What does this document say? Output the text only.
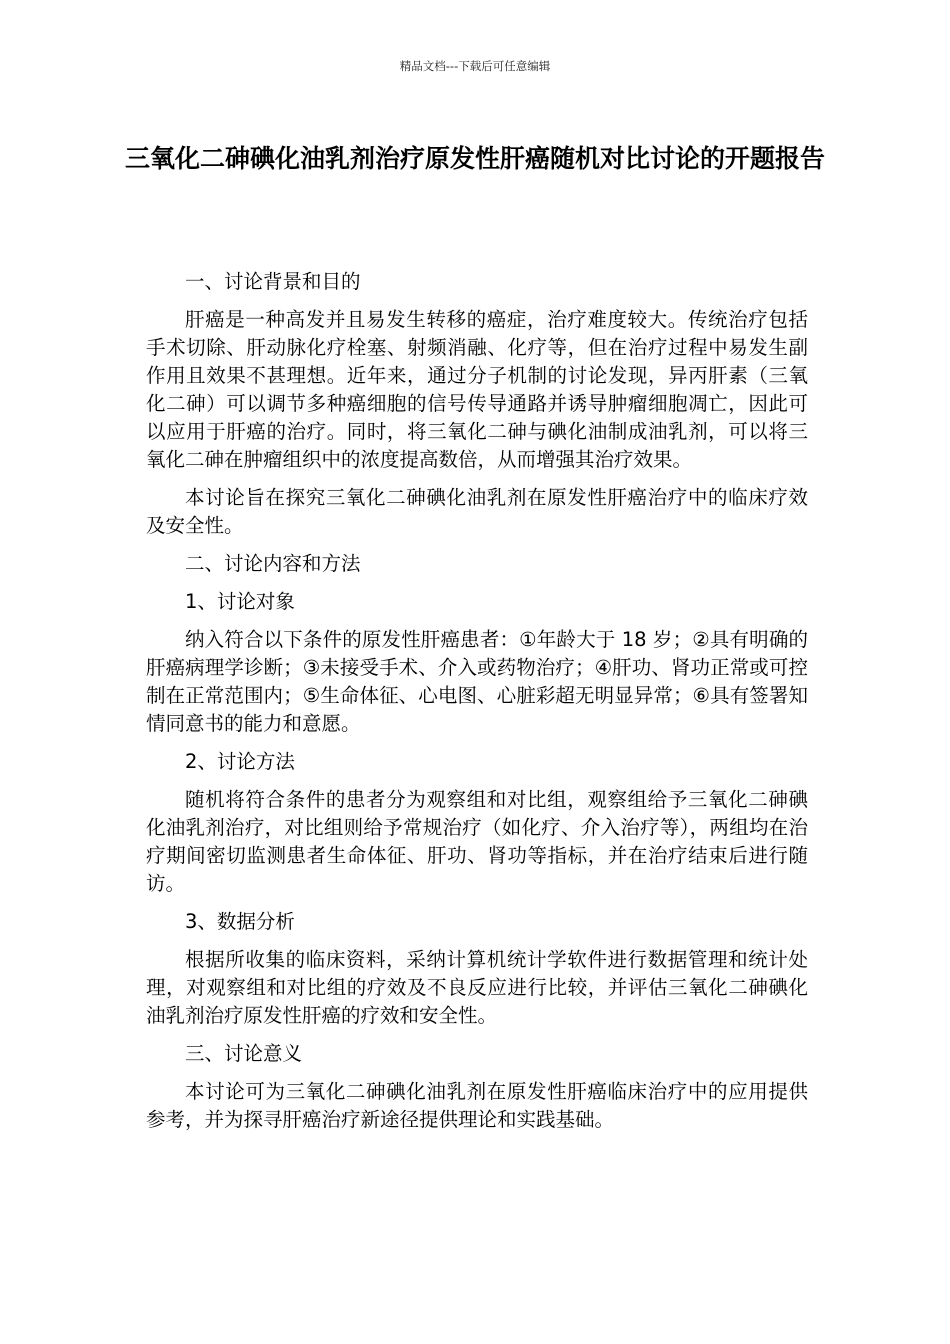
精品文档---下载后可任意编辑
三氧化二砷碘化油乳剂治疗原发性肝癌随机对比讨论的开题报告
一、讨论背景和目的

肝癌是一种高发并且易发生转移的癌症，治疗难度较大。传统治疗包括手术切除、肝动脉化疗栓塞、射频消融、化疗等，但在治疗过程中易发生副作用且效果不甚理想。近年来，通过分子机制的讨论发现，异丙肝素（三氧化二砷）可以调节多种癌细胞的信号传导通路并诱导肿瘤细胞凋亡，因此可以应用于肝癌的治疗。同时，将三氧化二砷与碘化油制成油乳剂，可以将三氧化二砷在肿瘤组织中的浓度提高数倍，从而增强其治疗效果。

本讨论旨在探究三氧化二砷碘化油乳剂在原发性肝癌治疗中的临床疗效及安全性。

二、讨论内容和方法
1、讨论对象

纳入符合以下条件的原发性肝癌患者：①年龄大于 18 岁；②具有明确的肝癌病理学诊断；③未接受手术、介入或药物治疗；④肝功、肾功正常或可控制在正常范围内；⑤生命体征、心电图、心脏彩超无明显异常；⑥具有签署知情同意书的能力和意愿。

2、讨论方法

随机将符合条件的患者分为观察组和对比组，观察组给予三氧化二砷碘化油乳剂治疗，对比组则给予常规治疗（如化疗、介入治疗等），两组均在治疗期间密切监测患者生命体征、肝功、肾功等指标，并在治疗结束后进行随访。

3、数据分析

根据所收集的临床资料，采纳计算机统计学软件进行数据管理和统计处理，对观察组和对比组的疗效及不良反应进行比较，并评估三氧化二砷碘化油乳剂治疗原发性肝癌的疗效和安全性。

三、讨论意义

本讨论可为三氧化二砷碘化油乳剂在原发性肝癌临床治疗中的应用提供参考，并为探寻肝癌治疗新途径提供理论和实践基础。
